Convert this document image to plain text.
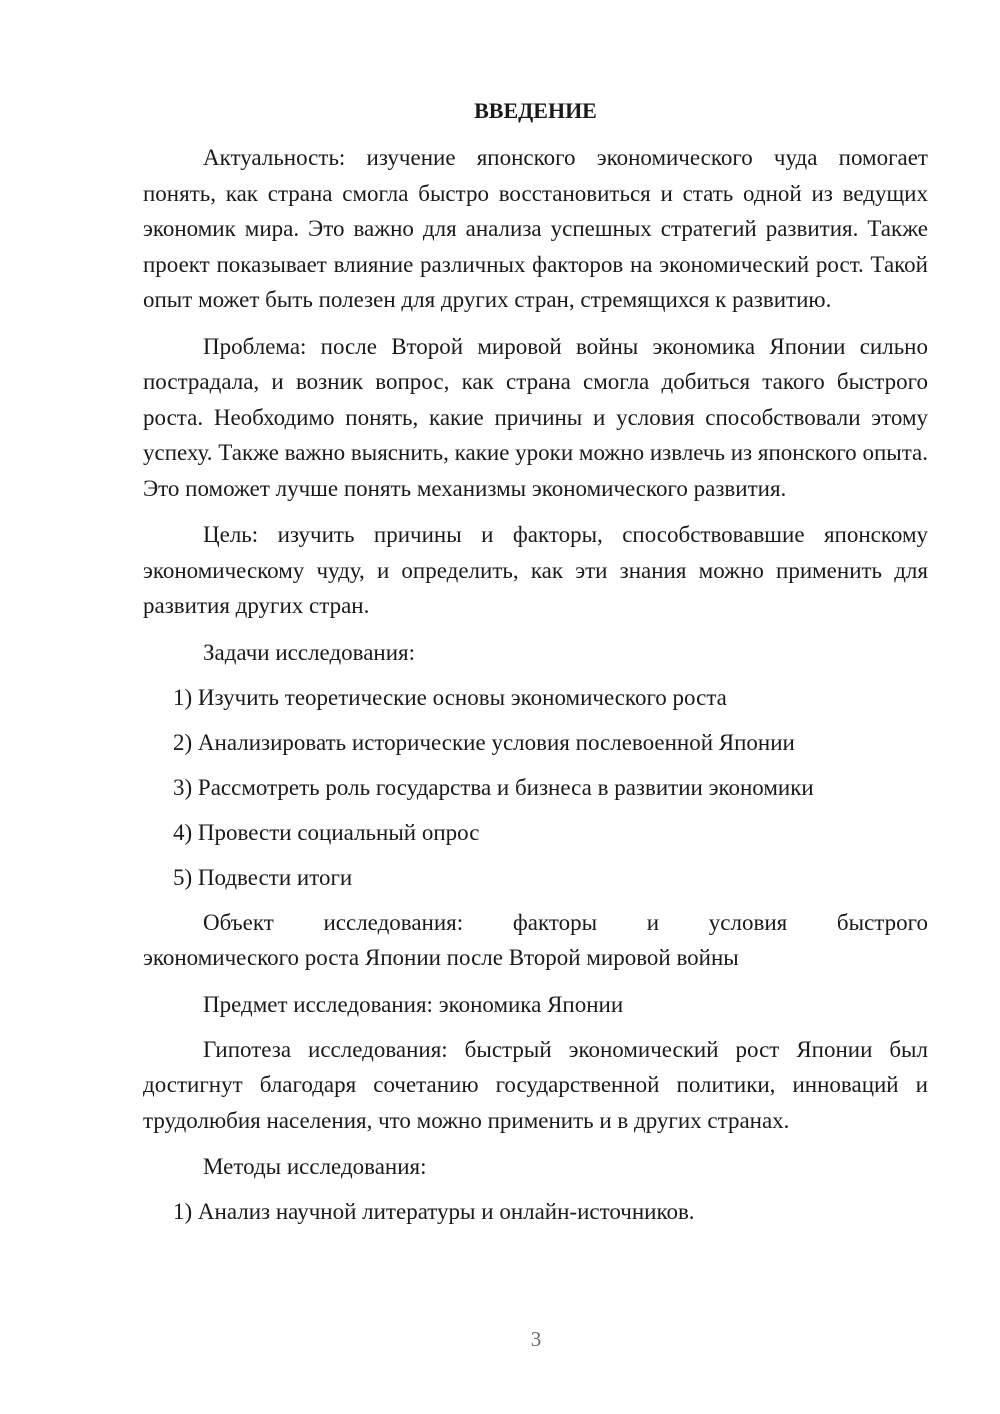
ВВЕДЕНИЕ

Актуальность: изучение японского экономического чуда помогает понять, как страна смогла быстро восстановиться и стать одной из ведущих экономик мира. Это важно для анализа успешных стратегий развития. Также проект показывает влияние различных факторов на экономический рост. Такой опыт может быть полезен для других стран, стремящихся к развитию.

Проблема: после Второй мировой войны экономика Японии сильно пострадала, и возник вопрос, как страна смогла добиться такого быстрого роста. Необходимо понять, какие причины и условия способствовали этому успеху. Также важно выяснить, какие уроки можно извлечь из японского опыта. Это поможет лучше понять механизмы экономического развития.

Цель: изучить причины и факторы, способствовавшие японскому экономическому чуду, и определить, как эти знания можно применить для развития других стран.

Задачи исследования:
1) Изучить теоретические основы экономического роста
2) Анализировать исторические условия послевоенной Японии
3) Рассмотреть роль государства и бизнеса в развитии экономики
4) Провести социальный опрос
5) Подвести итоги
Объект исследования: факторы и условия быстрого
экономического роста Японии после Второй мировой войны
Предмет исследования: экономика Японии

Гипотеза исследования: быстрый экономический рост Японии был достигнут благодаря сочетанию государственной политики, инноваций и трудолюбия населения, что можно применить и в других странах.

Методы исследования:
1) Анализ научной литературы и онлайн-источников.
3
